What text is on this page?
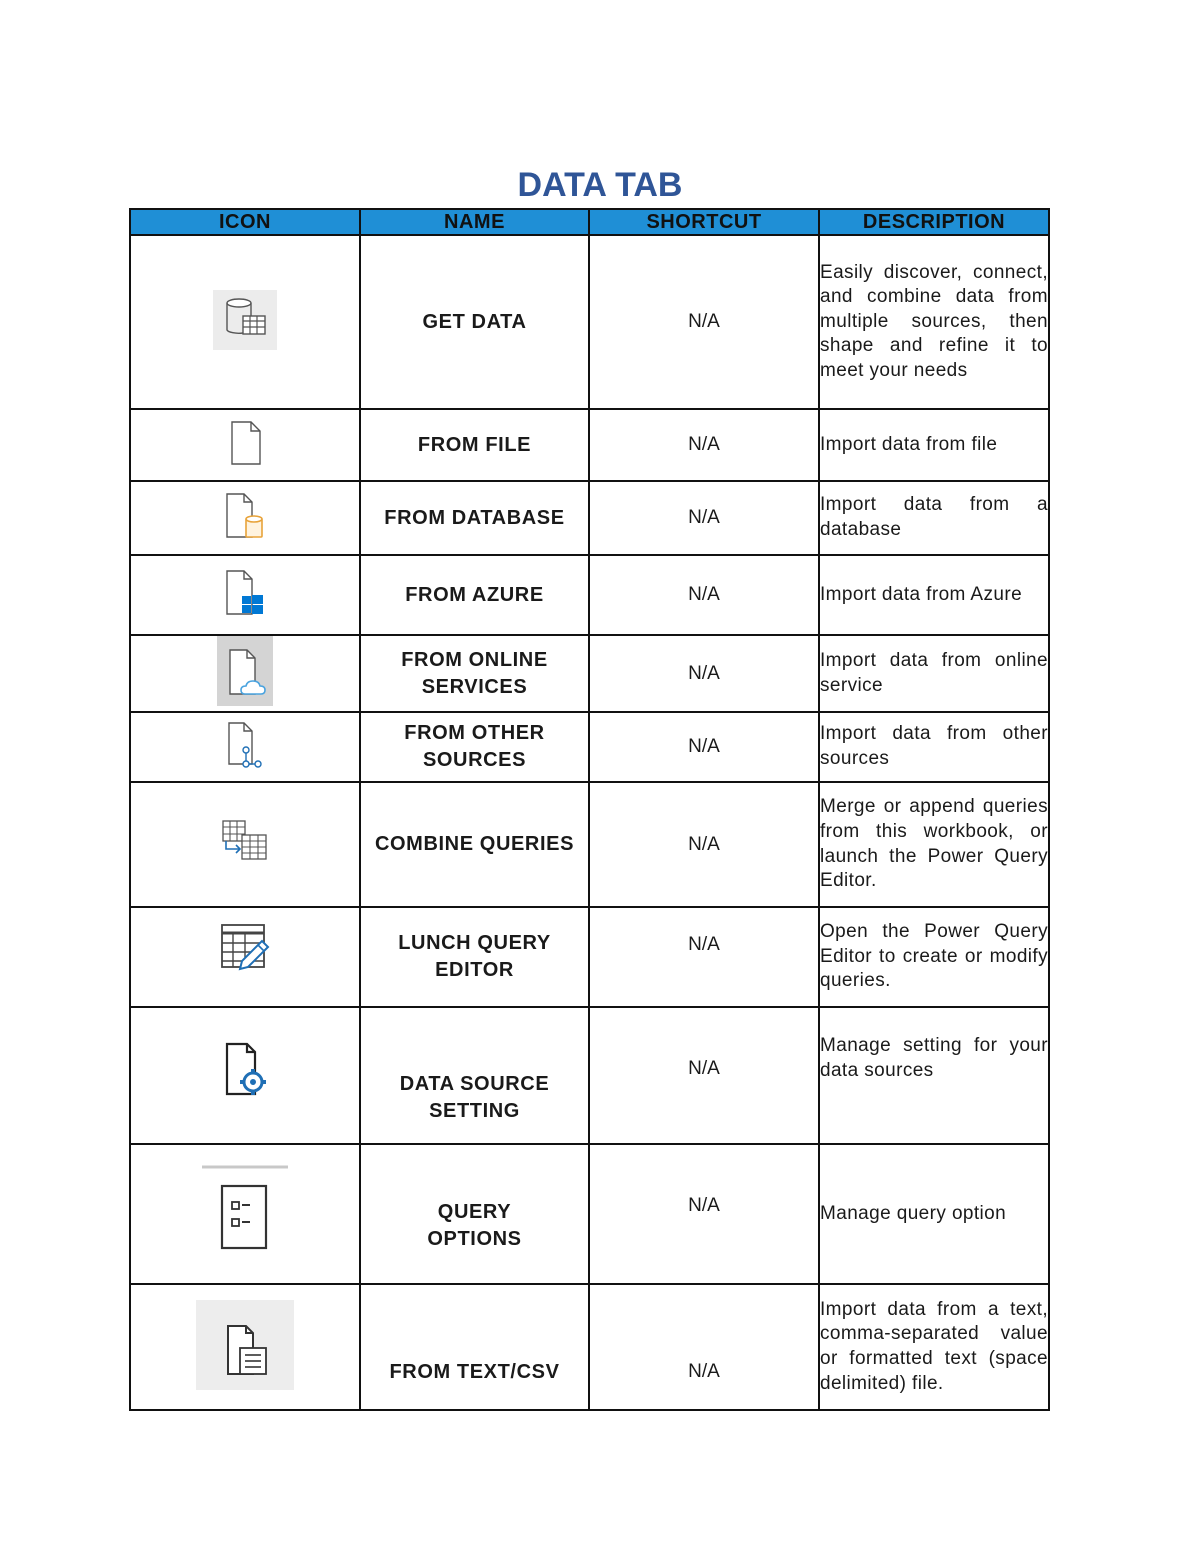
DATA TAB
ICON	NAME	SHORTCUT	DESCRIPTION

	GET DATA	N/A	Easily discover, connect, and combine data from multiple sources, then shape and refine it to meet your needs

	FROM FILE	N/A	Import data from file

	FROM DATABASE	N/A	Import data from a database

	FROM AZURE	N/A	Import data from Azure

	FROM ONLINE SERVICES	N/A	Import data from online service

	FROM OTHER SOURCES	N/A	Import data from other sources

	COMBINE QUERIES	N/A	Merge or append queries from this workbook, or launch the Power Query Editor.

	LUNCH QUERY EDITOR	N/A	Open the Power Query Editor to create or modify queries.

	DATA SOURCE SETTING	N/A	Manage setting for your data sources

	QUERY OPTIONS	N/A	Manage query option

	FROM TEXT/CSV	N/A	Import data from a text, comma-separated value or formatted text (space delimited) file.
